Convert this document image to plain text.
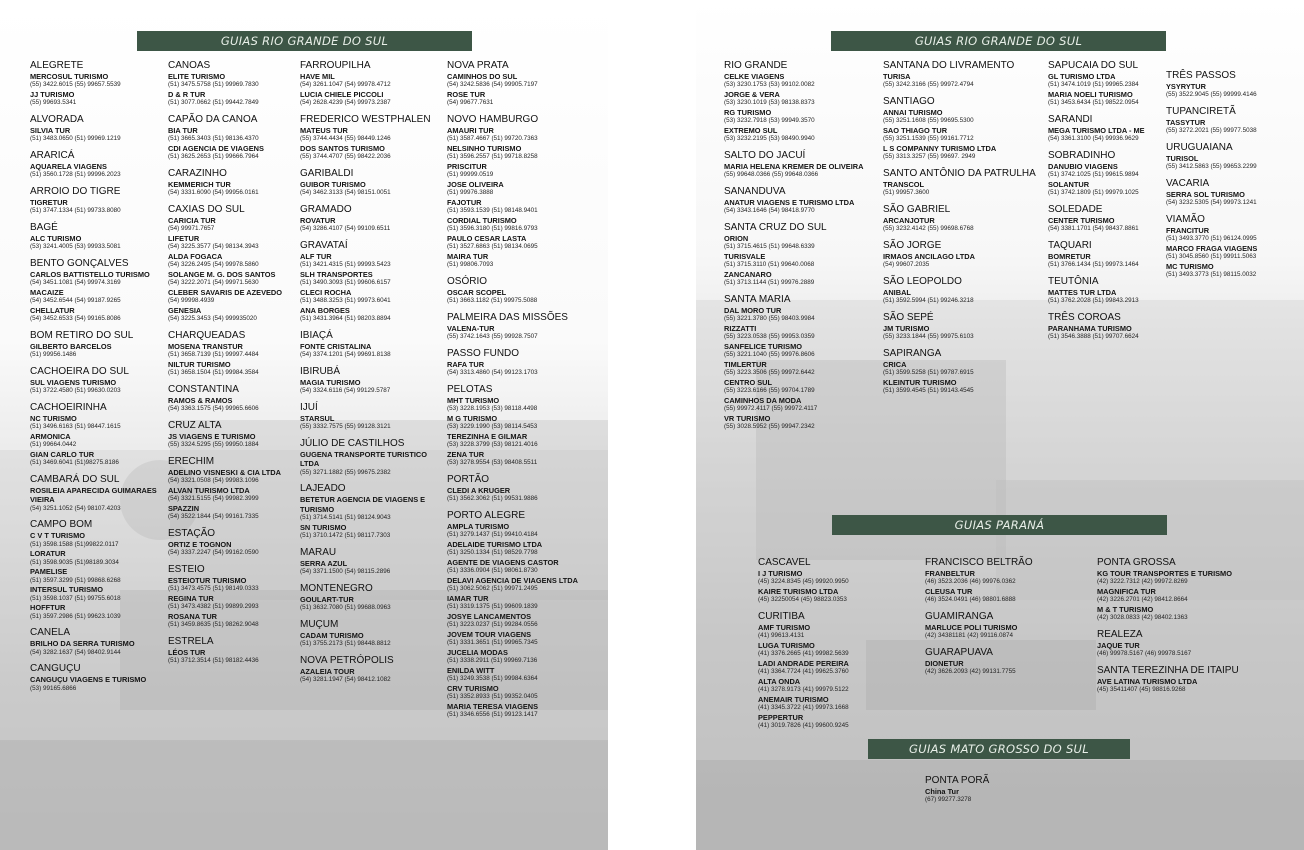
GUIAS RIO GRANDE DO SUL
ALEGRETE
MERCOSUL TURISMO
(55) 3422.6015 (55) 99657.5539
JJ TURISMO
(55) 99693.5341
ALVORADA
SILVIA TUR
(51) 3483.0650 (51) 99969.1219
ARARICÁ
AQUARELA VIAGENS
(51) 3560.1728 (51) 99996.2023
ARROIO DO TIGRE
TIGRETUR
(51) 3747.1334 (51) 99733.8080
BAGÉ
ALC TURISMO
(53) 3241.4005 (53) 99933.5081
BENTO GONÇALVES
CARLOS BATTISTELLO TURISMO
(54) 3451.1081 (54) 99974.3169
MACAIZE
(54) 3452.6544 (54) 99187.9265
CHELLATUR
(54) 3452.6533 (54) 99165.8086
BOM RETIRO DO SUL
GILBERTO BARCELOS
(51) 99956.1486
CACHOEIRA DO SUL
SUL VIAGENS TURISMO
(51) 3722.4580 (51) 99630.0203
CACHOEIRINHA
NC TURISMO
(51) 3496.6163 (51) 98447.1615
ARMONICA
(51) 99664.0442
GIAN CARLO TUR
(51) 3469.6041 (51)98275.8186
CAMBARÁ DO SUL
ROSILEIA APARECIDA GUIMARAES VIEIRA
(54) 3251.1052 (54) 98107.4203
CAMPO BOM
C V T TURISMO
(51) 3598.1588 (51)99822.0117
LORATUR
(51) 3598.9035 (51)98189.3034
PAMELISE
(51) 3597.3299 (51) 99868.6268
INTERSUL TURISMO
(51) 3598.1037 (51) 99755.6018
HOFFTUR
(51) 3597.2986 (51) 99623.1039
CANELA
BRILHO DA SERRA TURISMO
(54) 3282.1637 (54) 98402.9144
CANGUÇU
CANGUÇU VIAGENS E TURISMO
(53) 99165.6866
CANOAS
ELITE TURISMO
(51) 3475.5758 (51) 99969.7830
D & R TUR
(51) 3077.0662 (51) 99442.7849
CAPÃO DA CANOA
BIA TUR
(51) 3665.3403 (51) 98136.4370
CDI AGENCIA DE VIAGENS
(51) 3625.2653 (51) 99666.7964
CARAZINHO
KEMMERICH TUR
(54) 3331.6090 (54) 99956.0161
CAXIAS DO SUL
CARICIA TUR
(54) 99971.7657
LIFETUR
(54) 3225.3577 (54) 98134.3943
ALDA FOGACA
(54) 3226.2495 (54) 99978.5860
SOLANGE M. G. DOS SANTOS
(54) 3222.2071 (54) 99971.5630
CLEBER SAVARIS DE AZEVEDO
(54) 99998.4939
GENESIA
(54) 3225.3453 (54) 999935020
CHARQUEADAS
MOSENA TRANSTUR
(51) 3658.7139 (51) 99997.4484
NILTUR TURISMO
(51) 3658.1504 (51) 99984.3584
CONSTANTINA
RAMOS & RAMOS
(54) 3363.1575 (54) 99965.6606
CRUZ ALTA
JS VIAGENS E TURISMO
(55) 3324.5295 (55) 99950.1884
ERECHIM
ADELINO VISNESKI & CIA LTDA
(54) 3321.0508 (54) 99983.1096
ALVAN TURISMO LTDA
(54) 3321.5155 (54) 99982.3999
SPAZZIN
(54) 3522.1844 (54) 99161.7335
ESTAÇÃO
ORTIZ E TOGNON
(54) 3337.2247 (54) 99162.0590
ESTEIO
ESTEIOTUR TURISMO
(51) 3473.4575 (51) 98149.0333
REGINA TUR
(51) 3473.4382 (51) 99899.2993
ROSANA TUR
(51) 3459.8635 (51) 98262.9048
ESTRELA
LÉOS TUR
(51) 3712.3514 (51) 98182.4436
FARROUPILHA
HAVE MIL
(54) 3261.1047 (54) 99978.4712
LUCIA CHIELE PICCOLI
(54) 2628.4239 (54) 99973.2387
FREDERICO WESTPHALEN
MATEUS TUR
(55) 3744.4434 (55) 98449.1246
DOS SANTOS TURISMO
(55) 3744.4707 (55) 98422.2036
GARIBALDI
GUIBOR TURISMO
(54) 3462.3133 (54) 98151.0051
GRAMADO
ROVATUR
(54) 3286.4107 (54) 99109.6511
GRAVATAÍ
ALF TUR
(51) 3421.4315 (51) 99993.5423
SLH TRANSPORTES
(51) 3490.3093 (51) 99606.6157
CLECI ROCHA
(51) 3488.3253 (51) 99973.6041
ANA BORGES
(51) 3431.3964 (51) 98203.8894
IBIAÇÁ
FONTE CRISTALINA
(54) 3374.1201 (54) 99691.8138
IBIRUBÁ
MAGIA TURISMO
(54) 3324.6116 (54) 99129.5787
IJUÍ
STARSUL
(55) 3332.7575 (55) 99128.3121
JÚLIO DE CASTILHOS
GUGENA TRANSPORTE TURISTICO LTDA
(55) 3271.1882 (55) 99675.2382
LAJEADO
BETETUR AGENCIA DE VIAGENS E TURISMO
(51) 3714.5141 (51) 98124.9043
SN TURISMO
(51) 3710.1472 (51) 98117.7303
MARAU
SERRA AZUL
(54) 3371.1500 (54) 98115.2896
MONTENEGRO
GOULART-TUR
(51) 3632.7080 (51) 99688.0963
MUÇUM
CADAM TURISMO
(51) 3755.2173 (51) 98448.8812
NOVA PETRÓPOLIS
AZALEIA TOUR
(54) 3281.1947 (54) 98412.1082
NOVA PRATA
CAMINHOS DO SUL
(54) 3242.5836 (54) 99905.7197
ROSE TUR
(54) 99677.7631
NOVO HAMBURGO
AMAURI TUR
(51) 3587.4667 (51) 99720.7363
NELSINHO TURISMO
(51) 3596.2557 (51) 99718.8258
PRISCITUR
(51) 99999.0519
JOSE OLIVEIRA
(51) 99976.3888
FAJOTUR
(51) 3593.1539 (51) 98148.9401
CORDIAL TURISMO
(51) 3596.3180 (51) 99816.9793
PAULO CESAR LASTA
(51) 3527.6863 (51) 98134.0695
MAIRA TUR
(51) 99806.7093
OSÓRIO
OSCAR SCOPEL
(51) 3663.1182 (51) 99975.5088
PALMEIRA DAS MISSÕES
VALENA-TUR
(55) 3742.1643 (55) 99928.7507
PASSO FUNDO
RAFA TUR
(54) 3313.4860 (54) 99123.1703
PELOTAS
MHT TURISMO
(53) 3228.1953 (53) 98118.4498
M G TURISMO
(53) 3229.1990 (53) 98114.5453
TEREZINHA E GILMAR
(53) 3228.3799 (53) 98121.4016
ZENA TUR
(53) 3278.9554 (53) 98408.5511
PORTÃO
CLEDI A KRUGER
(51) 3562.3062 (51) 99531.9886
PORTO ALEGRE
AMPLA TURISMO
(51) 3279.1437 (51) 99410.4184
ADELAIDE TURISMO LTDA
(51) 3250.1334 (51) 98529.7798
AGENTE DE VIAGENS CASTOR
(51) 3336.0904 (51) 98061.8730
DELAVI AGENCIA DE VIAGENS LTDA
(51) 3062.5062 (51) 99971.2495
IAMAR TUR
(51) 3319.1375 (51) 99609.1839
JOSYE LANCAMENTOS
(51) 3223.0237 (51) 99284.0556
JOVEM TOUR VIAGENS
(51) 3331.3651 (51) 99965.7345
JUCELIA MODAS
(51) 3338.2911 (51) 99969.7136
ENILDA WITT
(51) 3249.3538 (51) 99984.6364
CRV TURISMO
(51) 3352.8933 (51) 99352.0405
MARIA TERESA VIAGENS
(51) 3346.6556 (51) 99123.1417
GUIAS RIO GRANDE DO SUL
RIO GRANDE
CELKE VIAGENS
(53) 3230.1753 (53) 99102.0082
JORGE & VERA
(53) 3230.1019 (53) 98138.8373
RG TURISMO
(53) 3232.7918 (53) 99949.3570
EXTREMO SUL
(53) 3232.2195 (53) 98490.9940
SALTO DO JACUÍ
MARIA HELENA KREMER DE OLIVEIRA
(55) 99648.0366 (55) 99648.0366
SANANDUVA
ANATUR VIAGENS E TURISMO LTDA
(54) 3343.1646 (54) 98418.9770
SANTA CRUZ DO SUL
ORION
(51) 3715.4615 (51) 99648.6339
TURISVALE
(51) 3715.3110 (51) 99640.0068
ZANCANARO
(51) 3713.1144 (51) 99976.2889
SANTA MARIA
DAL MORO TUR
(55) 3221.3780 (55) 98403.9984
RIZZATTI
(55) 3223.0538 (55) 99953.0359
SANFELICE TURISMO
(55) 3221.1040 (55) 99976.8606
TIMLERTUR
(55) 3223.3506 (55) 99972.6442
CENTRO SUL
(55) 3223.6166 (55) 99704.1789
CAMINHOS DA MODA
(55) 99972.4117 (55) 99972.4117
VR TURISMO
(55) 3028.5952 (55) 99947.2342
SANTANA DO LIVRAMENTO
TURISA
(55) 3242.3166 (55) 99972.4794
SANTIAGO
ANNAI TURISMO
(55) 3251.1608 (55) 99695.5300
SAO THIAGO TUR
(55) 3251.1539 (55) 99161.7712
L S COMPANNY TURISMO LTDA
(55) 3313.3257 (55) 99697. 2949
SANTO ANTÔNIO DA PATRULHA
TRANSCOL
(51) 99957.3600
SÃO GABRIEL
ARCANJOTUR
(55) 3232.4142 (55) 99698.6768
SÃO JORGE
IRMAOS ANCILAGO LTDA
(54) 99607.2035
SÃO LEOPOLDO
ANIBAL
(51) 3592.5994 (51) 99246.3218
SÃO SEPÉ
JM TURISMO
(55) 3233.1844 (55) 99975.6103
SAPIRANGA
CRICA
(51) 3599.5258 (51) 99787.6915
KLEINTUR TURISMO
(51) 3599.4545 (51) 99143.4545
SAPUCAIA DO SUL
GL TURISMO LTDA
(51) 3474.1019 (51) 99965.2384
MARIA NOELI TURISMO
(51) 3453.6434 (51) 98522.0954
SARANDI
MEGA TURISMO LTDA - ME
(54) 3361.3100 (54) 99936.9629
SOBRADINHO
DANUBIO VIAGENS
(51) 3742.1025 (51) 99615.9894
SOLANTUR
(51) 3742.1809 (51) 99979.1025
SOLEDADE
CENTER TURISMO
(54) 3381.1701 (54) 98437.8861
TAQUARI
BOMRETUR
(51) 3766.1434 (51) 99973.1464
TEUTÔNIA
MATTES TUR LTDA
(51) 3762.2028 (51) 99843.2913
TRÊS COROAS
PARANHAMA TURISMO
(51) 3546.3888 (51) 99707.6624
TRÊS PASSOS
YSYRYTUR
(55) 3522.9045 (55) 99999.4146
TUPANCIRETÃ
TASSYTUR
(55) 3272.2021 (55) 99977.5038
URUGUAIANA
TURISOL
(55) 3412.5863 (55) 99653.2299
VACARIA
SERRA SOL TURISMO
(54) 3232.5305 (54) 99973.1241
VIAMÃO
FRANCITUR
(51) 3493.3770 (51) 96124.0995
MARCO FRAGA VIAGENS
(51) 3045.8560 (51) 99911.5063
MC TURISMO
(51) 3493.3773 (51) 98115.0032
GUIAS PARANÁ
CASCAVEL
I J TURISMO
(45) 3224.8345 (45) 99920.9950
KAIRE TURISMO LTDA
(45) 32250054 (45) 98823.0353
CURITIBA
AMF TURISMO
(41) 99613.4131
LUGA TURISMO
(41) 3376.2665 (41) 99982.5639
LADI ANDRADE PEREIRA
(41) 3364.7724 (41) 99625.3760
ALTA ONDA
(41) 3278.9173 (41) 99979.5122
ANEMAIR TURISMO
(41) 3345.3722 (41) 99973.1668
PEPPERTUR
(41) 3019.7826 (41) 99600.9245
FRANCISCO BELTRÃO
FRANBELTUR
(46) 3523.2036 (46) 99976.0362
CLEUSA TUR
(46) 3524.0491 (46) 98801.6888
GUAMIRANGA
MARLUCE POLI TURISMO
(42) 34381181 (42) 99116.0874
GUARAPUAVA
DIONETUR
(42) 3626.2093 (42) 99131.7755
PONTA GROSSA
KG TOUR TRANSPORTES E TURISMO
(42) 3222.7312 (42) 99972.8269
MAGNIFICA TUR
(42) 3226.2701 (42) 98412.8664
M & T TURISMO
(42) 3028.0833 (42) 98402.1363
REALEZA
JAQUE TUR
(46) 99978.5167 (46) 99978.5167
SANTA TEREZINHA DE ITAIPU
AVE LATINA TURISMO LTDA
(45) 35411407 (45) 98816.9268
GUIAS MATO GROSSO DO SUL
PONTA PORÃ
China Tur
(67) 99277.3278
